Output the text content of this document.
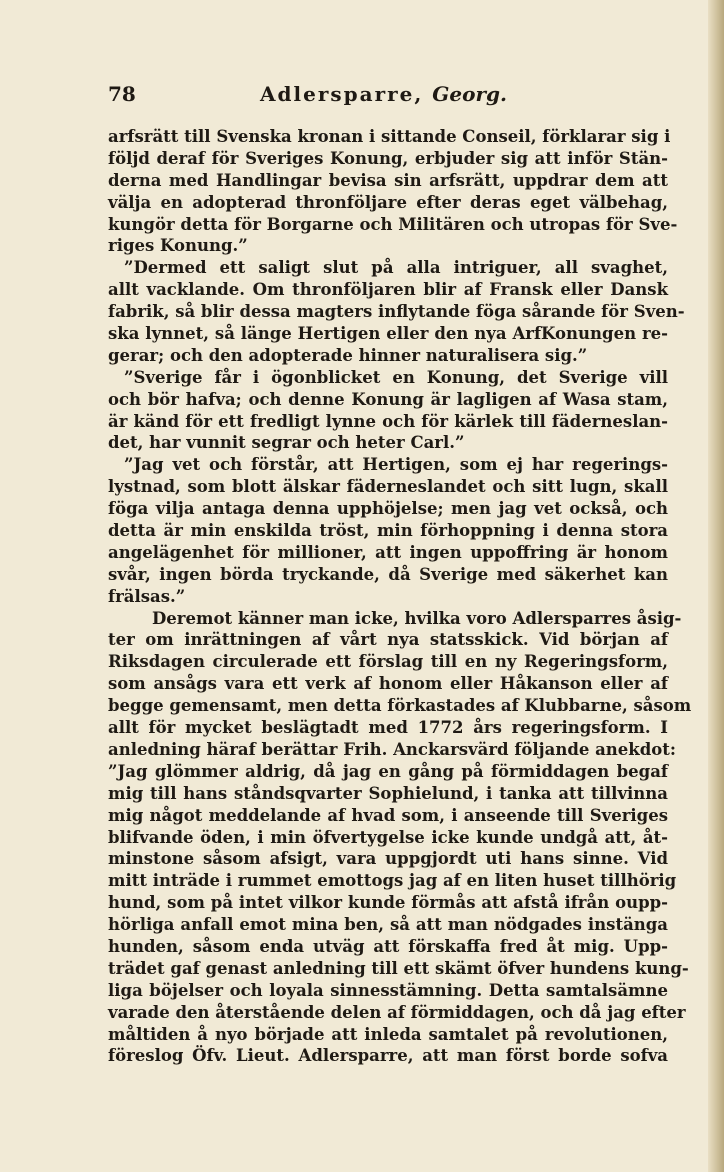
78	Adlersparre, Georg.
arfsrätt till Svenska kronan i sittande Conseil, förklarar sig i
följd deraf för Sveriges Konung, erbjuder sig att inför Stän-
derna med Handlingar bevisa sin arfsrätt, uppdrar dem att
välja en adopterad thronföljare efter deras eget välbehag,
kungör detta för Borgarne och Militären och utropas för Sve-
riges Konung.”
”Dermed ett saligt slut på alla intriguer, all svaghet,
allt vacklande. Om thronföljaren blir af Fransk eller Dansk
fabrik, så blir dessa magters inflytande föga sårande för Sven-
ska lynnet, så länge Hertigen eller den nya ArfKonungen re-
gerar; och den adopterade hinner naturalisera sig.”
”Sverige får i ögonblicket en Konung, det Sverige vill
och bör hafva; och denne Konung är lagligen af Wasa stam,
är känd för ett fredligt lynne och för kärlek till fäderneslan-
det, har vunnit segrar och heter Carl.”
”Jag vet och förstår, att Hertigen, som ej har regerings-
lystnad, som blott älskar fäderneslandet och sitt lugn, skall
föga vilja antaga denna upphöjelse; men jag vet också, och
detta är min enskilda tröst, min förhoppning i denna stora
angelägenhet för millioner, att ingen uppoffring är honom
svår, ingen börda tryckande, då Sverige med säkerhet kan
frälsas.”
Deremot känner man icke, hvilka voro Adlersparres åsig-
ter om inrättningen af vårt nya statsskick. Vid början af
Riksdagen circulerade ett förslag till en ny Regeringsform,
som ansågs vara ett verk af honom eller Håkanson eller af
begge gemensamt, men detta förkastades af Klubbarne, såsom
allt för mycket beslägtadt med 1772 års regeringsform. I
anledning häraf berättar Frih. Anckarsvärd följande anekdot:
”Jag glömmer aldrig, då jag en gång på förmiddagen begaf
mig till hans ståndsqvarter Sophielund, i tanka att tillvinna
mig något meddelande af hvad som, i anseende till Sveriges
blifvande öden, i min öfvertygelse icke kunde undgå att, åt-
minstone såsom afsigt, vara uppgjordt uti hans sinne. Vid
mitt inträde i rummet emottogs jag af en liten huset tillhörig
hund, som på intet vilkor kunde förmås att afstå ifrån oupp-
hörliga anfall emot mina ben, så att man nödgades instänga
hunden, såsom enda utväg att förskaffa fred åt mig. Upp-
trädet gaf genast anledning till ett skämt öfver hundens kung-
liga böjelser och loyala sinnesstämning. Detta samtalsämne
varade den återstående delen af förmiddagen, och då jag efter
måltiden å nyo började att inleda samtalet på revolutionen,
föreslog Öfv. Lieut. Adlersparre, att man först borde sofva
